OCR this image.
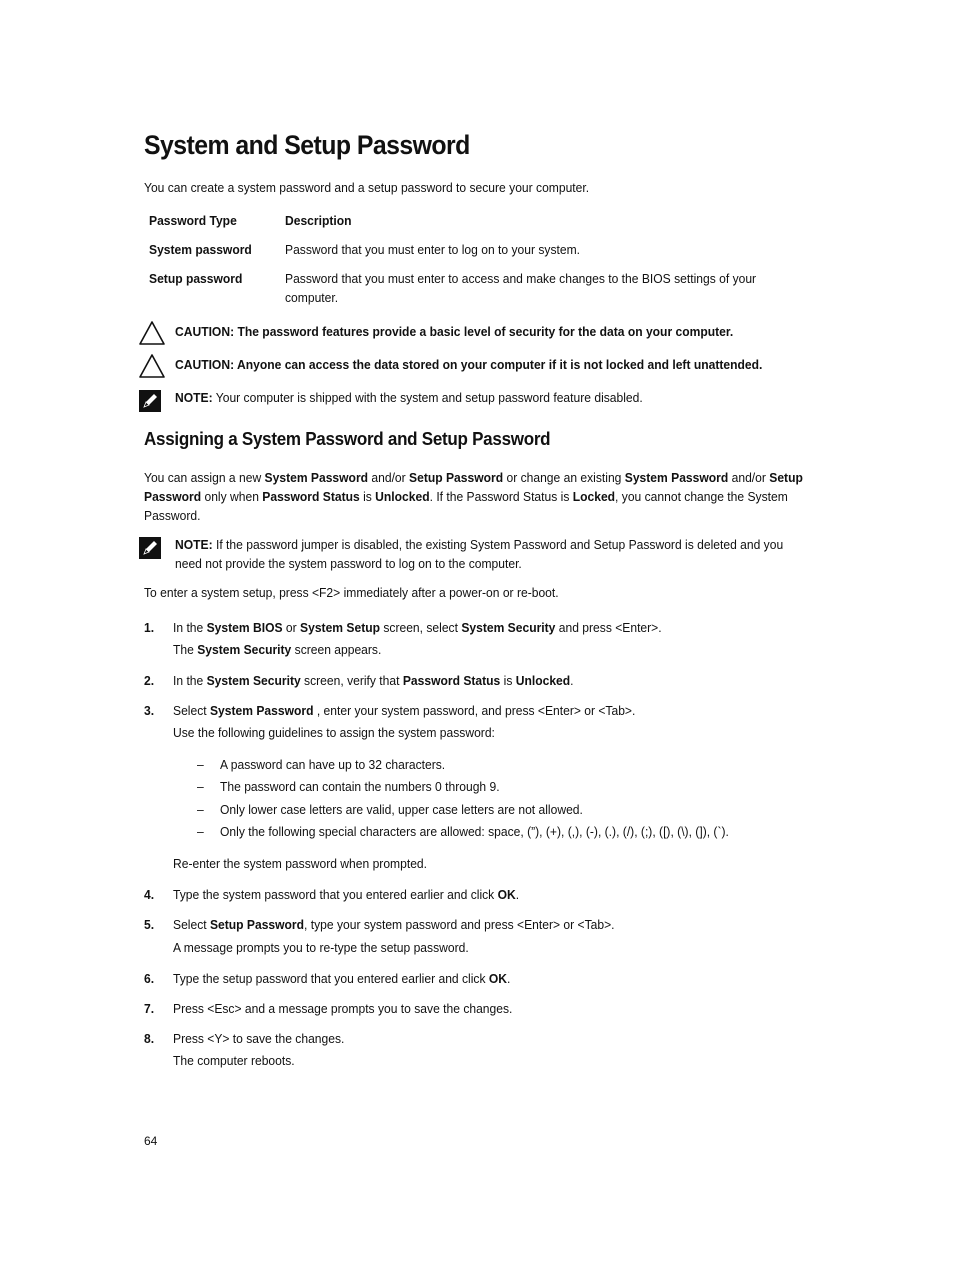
System and Setup Password
You can create a system password and a setup password to secure your computer.
Password Type	Description
System password	Password that you must enter to log on to your system.
Setup password	Password that you must enter to access and make changes to the BIOS settings of your
computer.
CAUTION: The password features provide a basic level of security for the data on your computer.
CAUTION: Anyone can access the data stored on your computer if it is not locked and left unattended.
NOTE: Your computer is shipped with the system and setup password feature disabled.
Assigning a System Password and Setup Password
You can assign a new System Password and/or Setup Password or change an existing System Password and/or Setup
Password only when Password Status is Unlocked. If the Password Status is Locked, you cannot change the System
Password.
NOTE: If the password jumper is disabled, the existing System Password and Setup Password is deleted and you
need not provide the system password to log on to the computer.
To enter a system setup, press <F2> immediately after a power-on or re-boot.
1. In the System BIOS or System Setup screen, select System Security and press <Enter>.
The System Security screen appears.
2. In the System Security screen, verify that Password Status is Unlocked.
3. Select System Password , enter your system password, and press <Enter> or <Tab>.
Use the following guidelines to assign the system password:
– A password can have up to 32 characters.
– The password can contain the numbers 0 through 9.
– Only lower case letters are valid, upper case letters are not allowed.
– Only the following special characters are allowed: space, (”), (+), (,), (-), (.), (/), (;), ([), (\), (]), (`).
Re-enter the system password when prompted.
4. Type the system password that you entered earlier and click OK.
5. Select Setup Password, type your system password and press <Enter> or <Tab>.
A message prompts you to re-type the setup password.
6. Type the setup password that you entered earlier and click OK.
7. Press <Esc> and a message prompts you to save the changes.
8. Press <Y> to save the changes.
The computer reboots.
64
